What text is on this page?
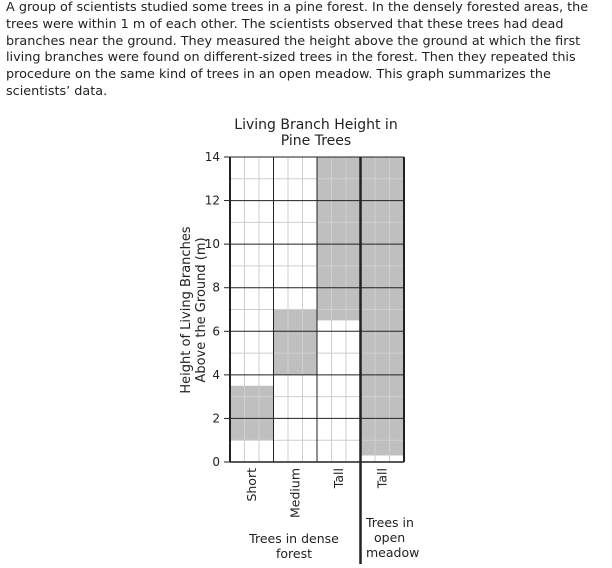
A group of scientists studied some trees in a pine forest. In the densely forested areas, the trees were within 1 m of each other. The scientists observed that these trees had dead branches near the ground. They measured the height above the ground at which the first living branches were found on different-sized trees in the forest. Then they repeated this procedure on the same kind of trees in an open meadow. This graph summarizes the scientists’ data.

Living Branch Height in
Pine Trees
Height of Living Branches Above the Ground (m)
0
2
4
6
8
10
12
14
Short Medium Tall Tall
Trees in dense
forest
Trees in
open
meadow
